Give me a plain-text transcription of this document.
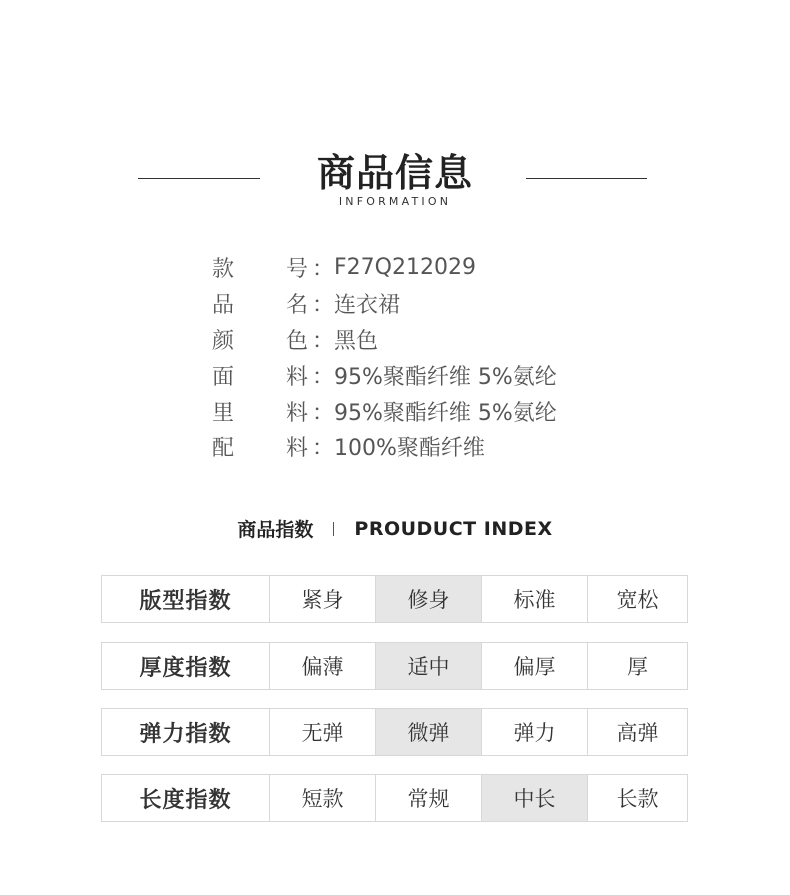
商品信息
INFORMATION
款 号 ： F27Q212029
品 名 ： 连衣裙
颜 色 ： 黑色
面 料 ： 95%聚酯纤维 5%氨纶
里 料 ： 95%聚酯纤维 5%氨纶
配 料 ： 100%聚酯纤维
商品指数 PROUDUCT INDEX
版型指数	紧身	修身	标准	宽松
厚度指数	偏薄	适中	偏厚	厚
弹力指数	无弹	微弹	弹力	高弹
长度指数	短款	常规	中长	长款
